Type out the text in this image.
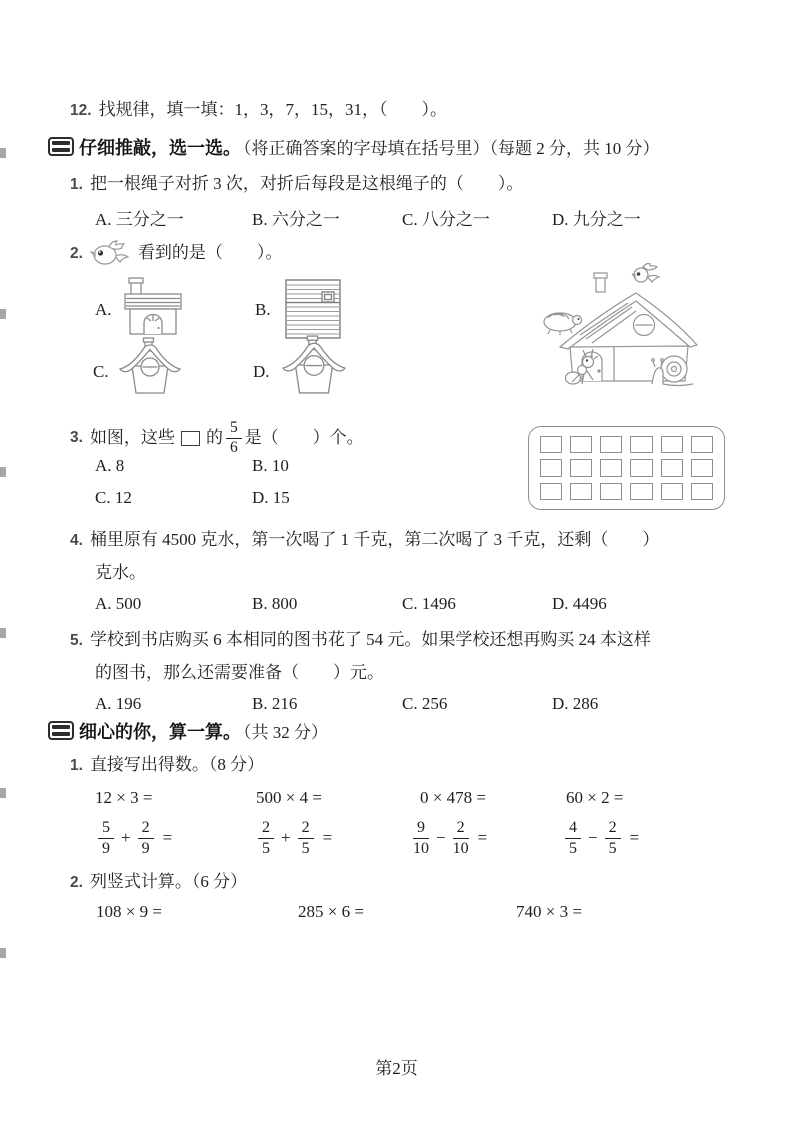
12. 找规律，填一填：1，3，7，15，31，（　　）。
仔细推敲，选一选。 （将正确答案的字母填在括号里）（每题 2 分，共 10 分）
1. 把一根绳子对折 3 次，对折后每段是这根绳子的（　　）。
A. 三分之一	B. 六分之一	C. 八分之一	D. 九分之一
2.	看到的是（　　）。
A.	B.
C.	D.
3. 如图，这些 的 $\frac{5}{6}$ 是（　　）个。
A. 8	B. 10
C. 12	D. 15
4. 桶里原有 4500 克水，第一次喝了 1 千克，第二次喝了 3 千克，还剩（　　）
克水。
A. 500	B. 800	C. 1496	D. 4496
5. 学校到书店购买 6 本相同的图书花了 54 元。如果学校还想再购买 24 本这样
的图书，那么还需要准备（　　）元。
A. 196	B. 216	C. 256	D. 286
细心的你，算一算。 （共 32 分）
1. 直接写出得数。（8 分）
12 × 3 =	500 × 4 =	0 × 478 =	60 × 2 =
$\frac{5}{9} + \frac{2}{9}$ =	$\frac{2}{5} + \frac{2}{5}$ =	$\frac{9}{10} - \frac{2}{10}$ =	$\frac{4}{5} - \frac{2}{5}$ =
2. 列竖式计算。（6 分）
108 × 9 =	285 × 6 =	740 × 3 =
第2页
